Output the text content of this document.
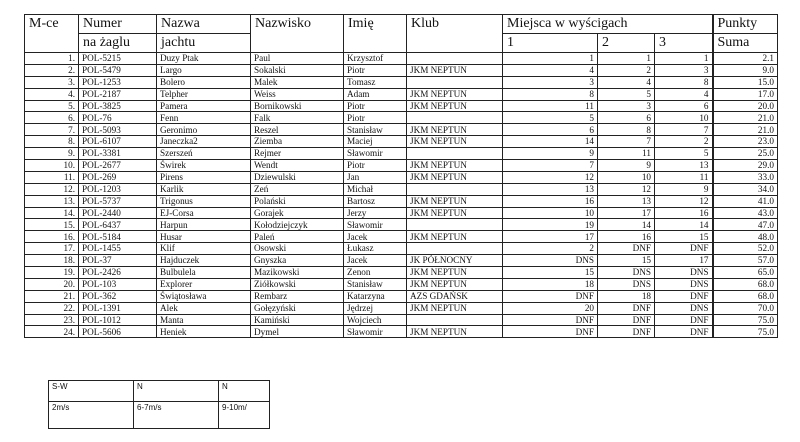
M-ce	Numer	Nazwa	Nazwisko	Imię	Klub	Miejsca w wyścigach			Punkty
	na żaglu	jachtu				1	2	3	Suma
1.	POL-5215	Duzy Ptak	Paul	Krzysztof		1	1	1	2.1
2.	POL-5479	Largo	Sokalski	Piotr	JKM NEPTUN	4	2	3	9.0
3.	POL-1253	Bolero	Malek	Tomasz		3	4	8	15.0
4.	POL-2187	Telpher	Weiss	Adam	JKM NEPTUN	8	5	4	17.0
5.	POL-3825	Pamera	Bornikowski	Piotr	JKM NEPTUN	11	3	6	20.0
6.	POL-76	Fenn	Falk	Piotr		5	6	10	21.0
7.	POL-5093	Geronimo	Reszel	Stanisław	JKM NEPTUN	6	8	7	21.0
8.	POL-6107	Janeczka2	Ziemba	Maciej	JKM NEPTUN	14	7	2	23.0
9.	POL-3381	Szerszeń	Rejmer	Sławomir		9	11	5	25.0
10.	POL-2677	Świrek	Wendt	Piotr	JKM NEPTUN	7	9	13	29.0
11.	POL-269	Pirens	Dziewulski	Jan	JKM NEPTUN	12	10	11	33.0
12.	POL-1203	Karlik	Zeń	Michał		13	12	9	34.0
13.	POL-5737	Trigonus	Polański	Bartosz	JKM NEPTUN	16	13	12	41.0
14.	POL-2440	EJ-Corsa	Gorajek	Jerzy	JKM NEPTUN	10	17	16	43.0
15.	POL-6437	Harpun	Kołodziejczyk	Sławomir		19	14	14	47.0
16.	POL-5184	Husar	Paleń	Jacek	JKM NEPTUN	17	16	15	48.0
17.	POL-1455	Klif	Osowski	Łukasz		2	DNF	DNF	52.0
18.	POL-37	Hajduczek	Gnyszka	Jacek	JK PÓŁNOCNY	DNS	15	17	57.0
19.	POL-2426	Bulbulela	Mazikowski	Zenon	JKM NEPTUN	15	DNS	DNS	65.0
20.	POL-103	Explorer	Ziółkowski	Stanisław	JKM NEPTUN	18	DNS	DNS	68.0
21.	POL-362	Świątosława	Rembarz	Katarzyna	AZS GDAŃSK	DNF	18	DNF	68.0
22.	POL-1391	Alek	Gołęzyński	Jędrzej	JKM NEPTUN	20	DNF	DNS	70.0
23.	POL-1012	Manta	Kamiński	Wojciech		DNF	DNF	DNF	75.0
24.	POL-5606	Heniek	Dymel	Sławomir	JKM NEPTUN	DNF	DNF	DNF	75.0
S-W	N	N
2m/s	6-7m/s	9-10m/
